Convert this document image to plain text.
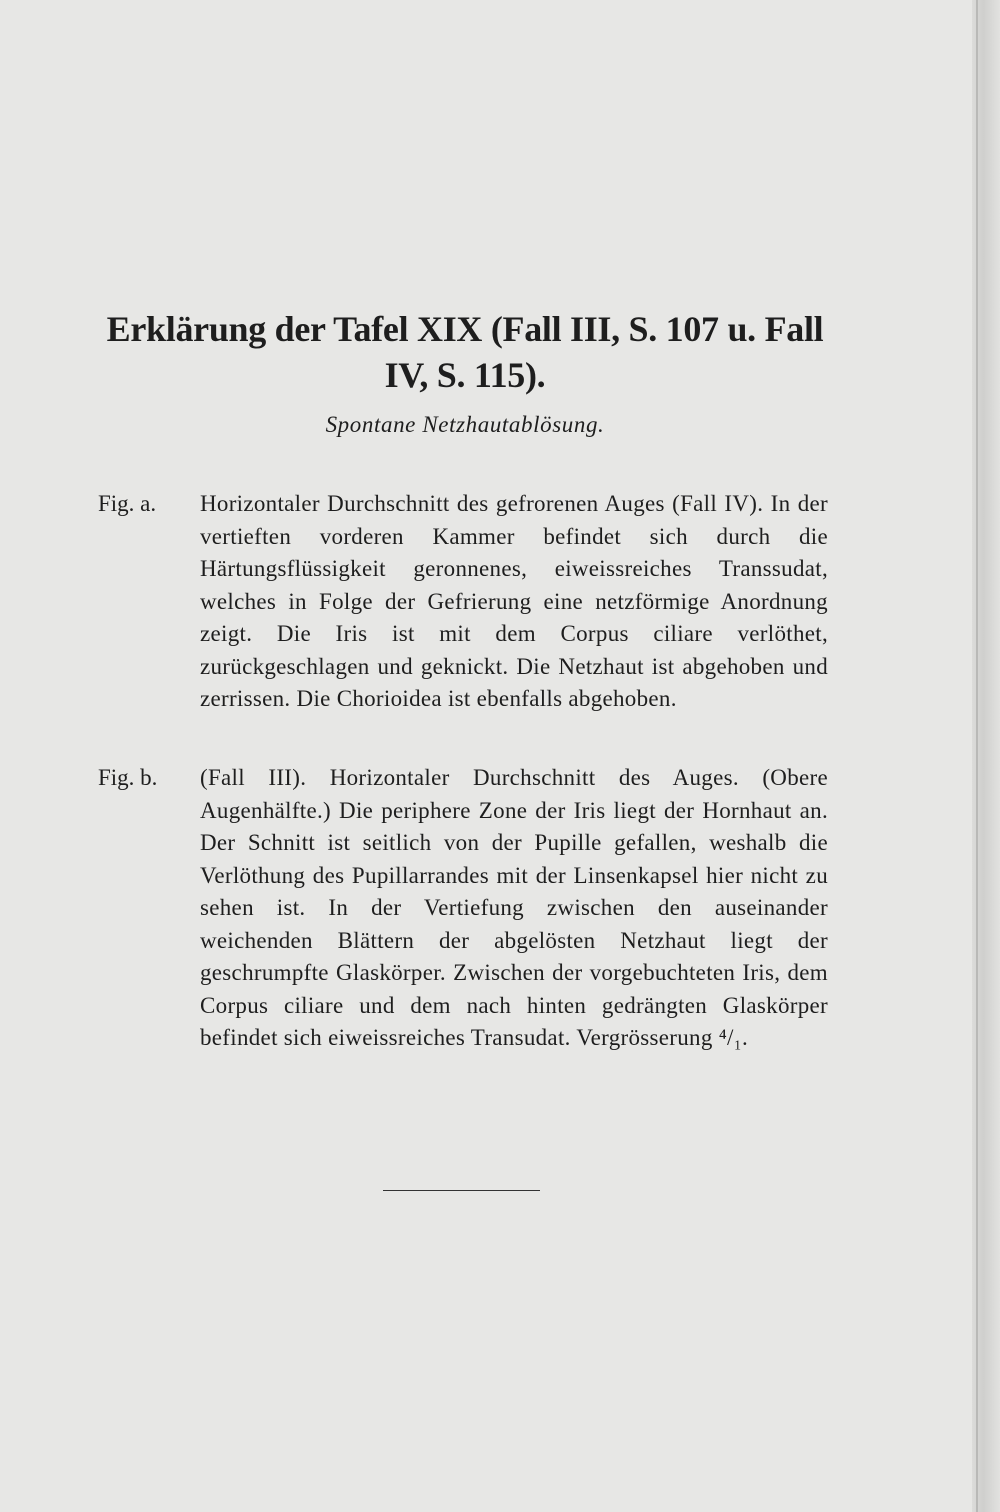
Erklärung der Tafel XIX (Fall III, S. 107 u. Fall IV, S. 115).
Spontane Netzhautablösung.
Fig. a. Horizontaler Durchschnitt des gefrorenen Auges (Fall IV). In der vertieften vorderen Kammer befindet sich durch die Härtungsflüssigkeit geronnenes, eiweissreiches Transsudat, welches in Folge der Gefrierung eine netzförmige Anordnung zeigt. Die Iris ist mit dem Corpus ciliare verlöthet, zurückgeschlagen und geknickt. Die Netzhaut ist abgehoben und zerrissen. Die Chorioidea ist ebenfalls abgehoben.

Fig. b. (Fall III). Horizontaler Durchschnitt des Auges. (Obere Augenhälfte.) Die periphere Zone der Iris liegt der Hornhaut an. Der Schnitt ist seitlich von der Pupille gefallen, weshalb die Verlöthung des Pupillarrandes mit der Linsenkapsel hier nicht zu sehen ist. In der Vertiefung zwischen den auseinander weichenden Blättern der abgelösten Netzhaut liegt der geschrumpfte Glaskörper. Zwischen der vorgebuchteten Iris, dem Corpus ciliare und dem nach hinten gedrängten Glaskörper befindet sich eiweissreiches Transudat. Vergrösserung ⁴/₁.
